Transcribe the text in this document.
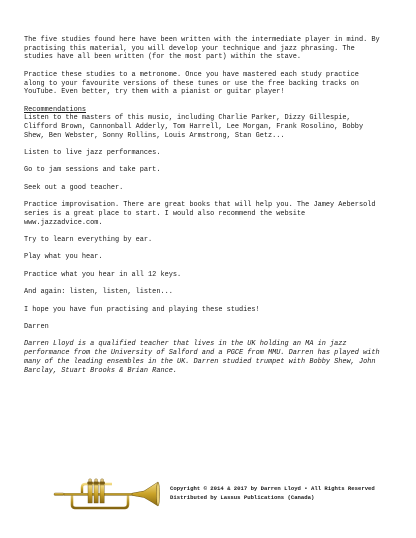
The five studies found here have been written with the intermediate player in mind. By

practising this material, you will develop your technique and jazz phrasing. The

studies have all been written (for the most part) within the stave.

Practice these studies to a metronome. Once you have mastered each study practice

along to your favourite versions of these tunes or use the free backing tracks on

YouTube. Even better, try them with a pianist or guitar player!

Recommendations

Listen to the masters of this music, including Charlie Parker, Dizzy Gillespie,

Clifford Brown, Cannonball Adderly, Tom Harrell, Lee Morgan, Frank Rosolino, Bobby

Shew, Ben Webster, Sonny Rollins, Louis Armstrong, Stan Getz...

Listen to live jazz performances.

Go to jam sessions and take part.

Seek out a good teacher.

Practice improvisation. There are great books that will help you. The Jamey Aebersold

series is a great place to start. I would also recommend the website

www.jazzadvice.com.

Try to learn everything by ear.

Play what you hear.

Practice what you hear in all 12 keys.

And again: listen, listen, listen...

I hope you have fun practising and playing these studies!

Darren

Darren Lloyd is a qualified teacher that lives in the UK holding an MA in jazz

performance from the University of Salford and a PGCE from MMU. Darren has played with

many of the leading ensembles in the UK. Darren studied trumpet with Bobby Shew, John

Barclay, Stuart Brooks & Brian Rance.

Copyright © 2014 & 2017 by Darren Lloyd • All Rights Reserved
Distributed by Lassus Publications (Canada)
